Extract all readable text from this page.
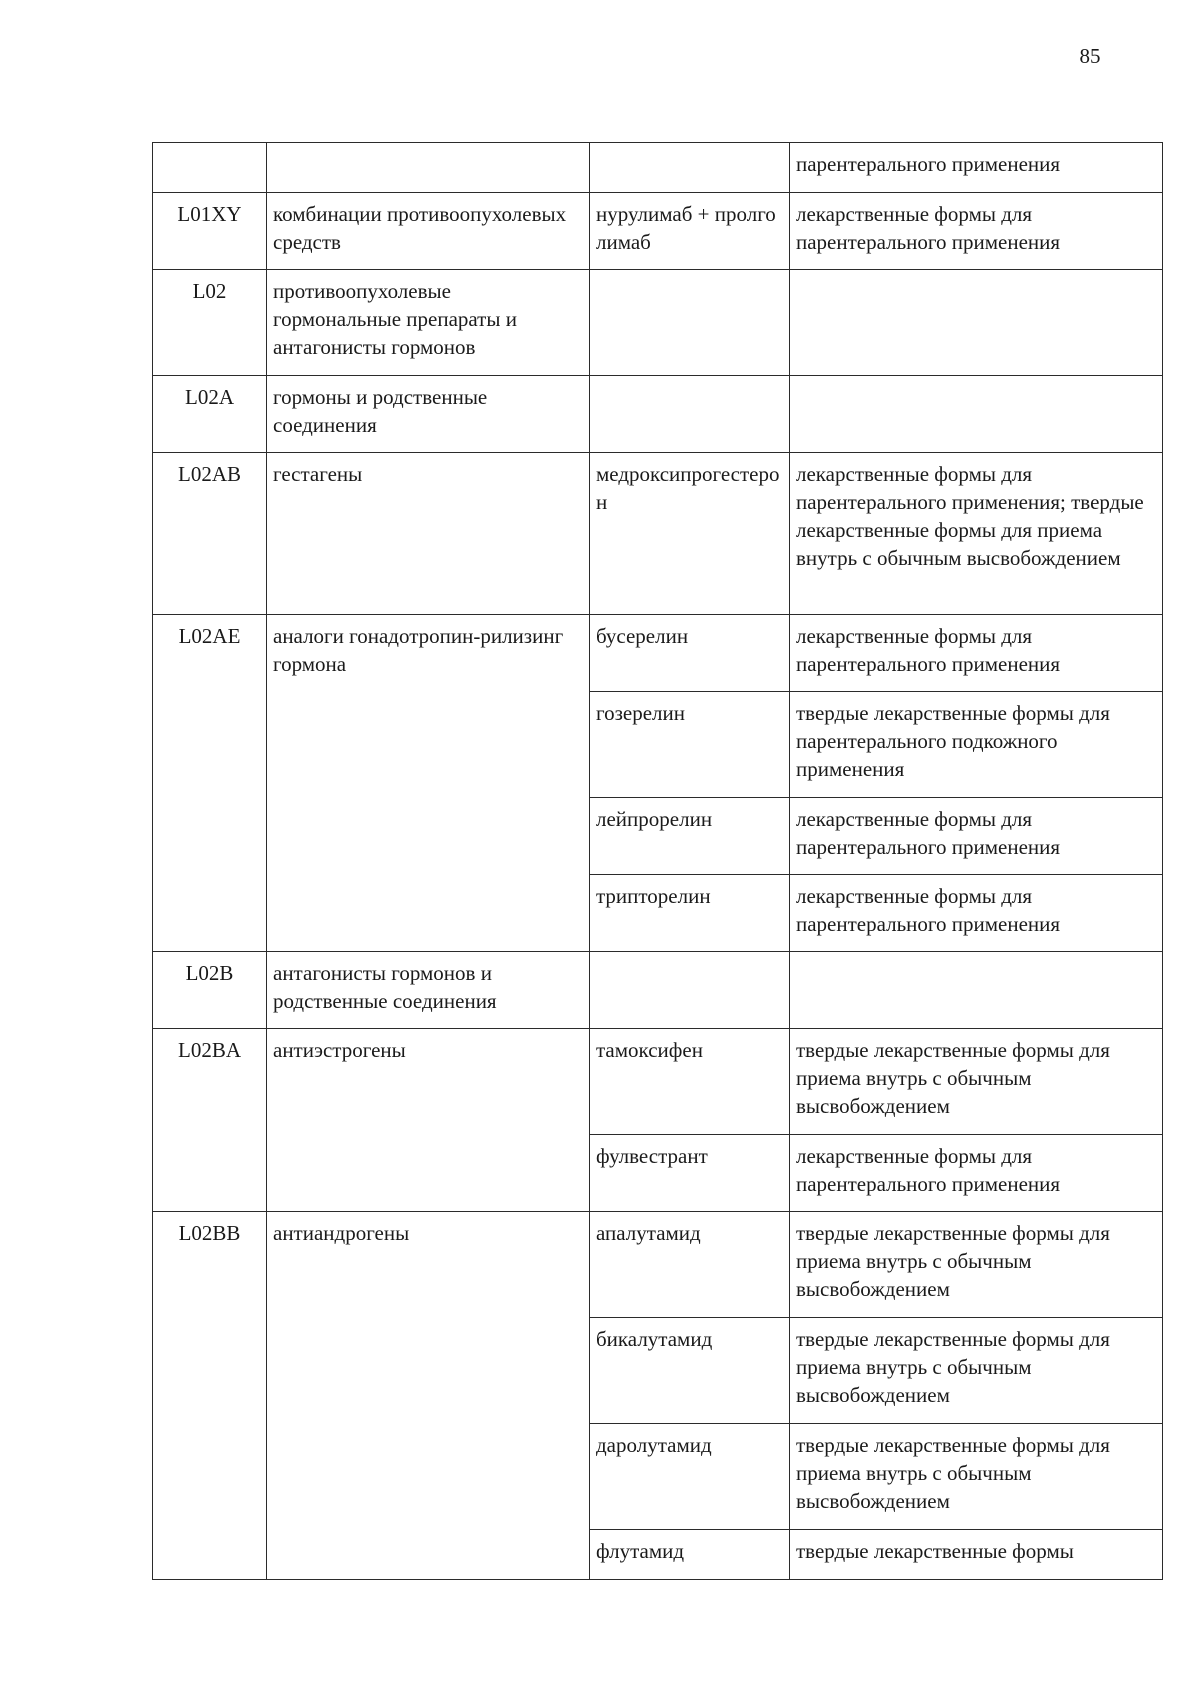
85
			парентерального применения
L01XY	комбинации противоопухолевых средств	нурулимаб + пролголимаб	лекарственные формы для парентерального применения
L02	противоопухолевые гормональные препараты и антагонисты гормонов		
L02A	гормоны и родственные соединения		
L02AB	гестагены	медроксипрогестерон	лекарственные формы для парентерального применения; твердые лекарственные формы для приема внутрь с обычным высвобождением
L02AE	аналоги гонадотропин-рилизинг гормона	бусерелин	лекарственные формы для парентерального применения
		гозерелин	твердые лекарственные формы для парентерального подкожного применения
		лейпрорелин	лекарственные формы для парентерального применения
		трипторелин	лекарственные формы для парентерального применения
L02B	антагонисты гормонов и родственные соединения		
L02BA	антиэстрогены	тамоксифен	твердые лекарственные формы для приема внутрь с обычным высвобождением
		фулвестрант	лекарственные формы для парентерального применения
L02BB	антиандрогены	апалутамид	твердые лекарственные формы для приема внутрь с обычным высвобождением
		бикалутамид	твердые лекарственные формы для приема внутрь с обычным высвобождением
		даролутамид	твердые лекарственные формы для приема внутрь с обычным высвобождением
		флутамид	твердые лекарственные формы
